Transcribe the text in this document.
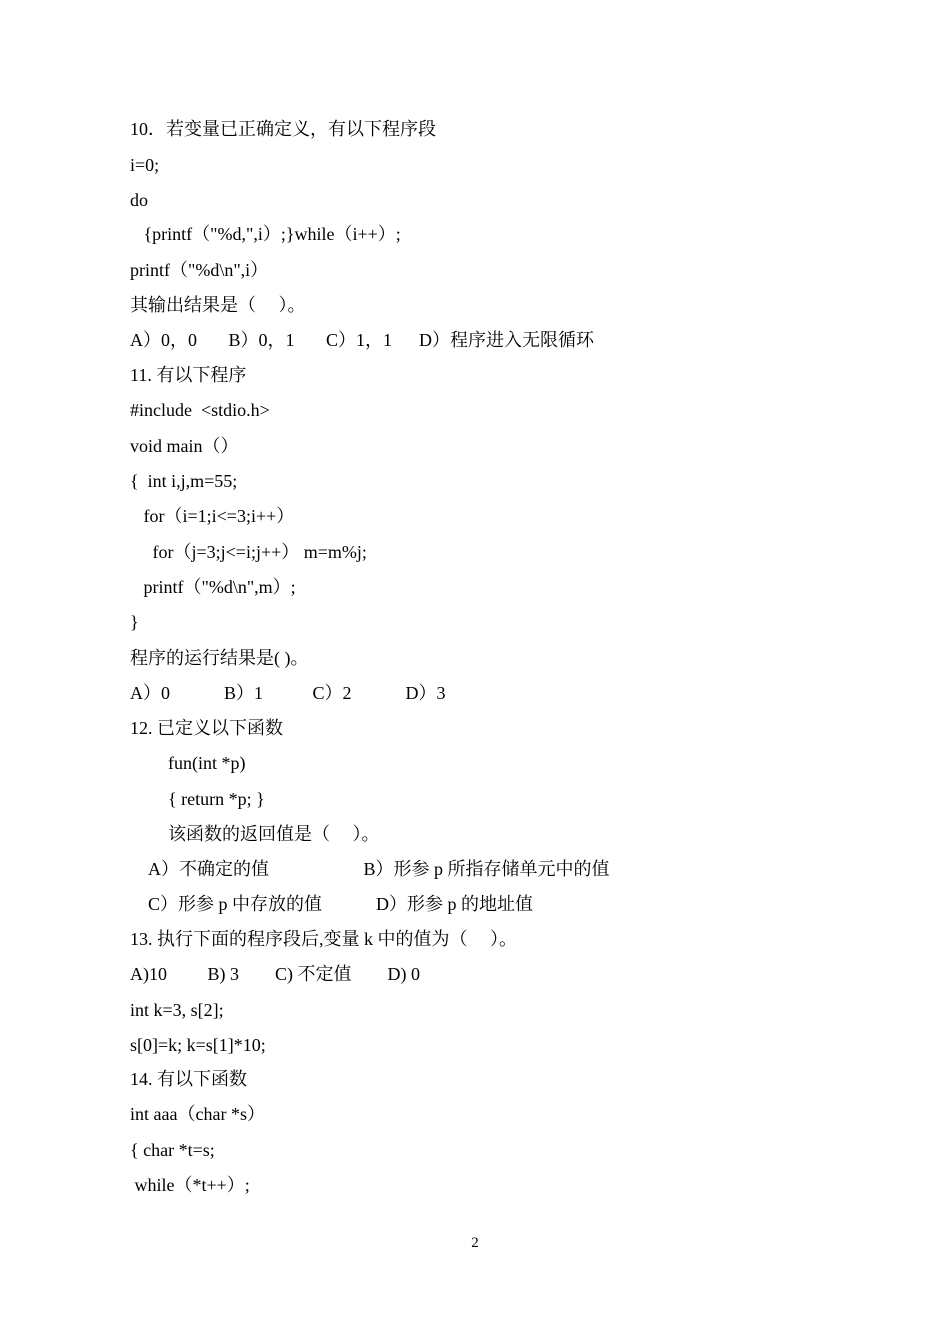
10．若变量已正确定义，有以下程序段
i=0;
do
{printf（"%d,",i）;}while（i++）;
printf（"%d\n",i）
其输出结果是（     ）。
A）0，0       B）0，1       C）1，1      D）程序进入无限循环
11. 有以下程序
#include  <stdio.h>
void main（）
{  int i,j,m=55;
for（i=1;i<=3;i++）
for（j=3;j<=i;j++） m=m%j;
printf（"%d\n",m）;
}
程序的运行结果是( )。
A）0            B）1           C）2            D）3
12. 已定义以下函数
fun(int *p)
{ return *p; }
该函数的返回值是（     ）。
A）不确定的值                     B）形参 p 所指存储单元中的值
C）形参 p 中存放的值            D）形参 p 的地址值
13. 执行下面的程序段后,变量 k 中的值为（     ）。
A)10         B) 3        C) 不定值        D) 0
int k=3, s[2];
s[0]=k; k=s[1]*10;
14. 有以下函数
int aaa（char *s）
{ char *t=s;
while（*t++）;
2
